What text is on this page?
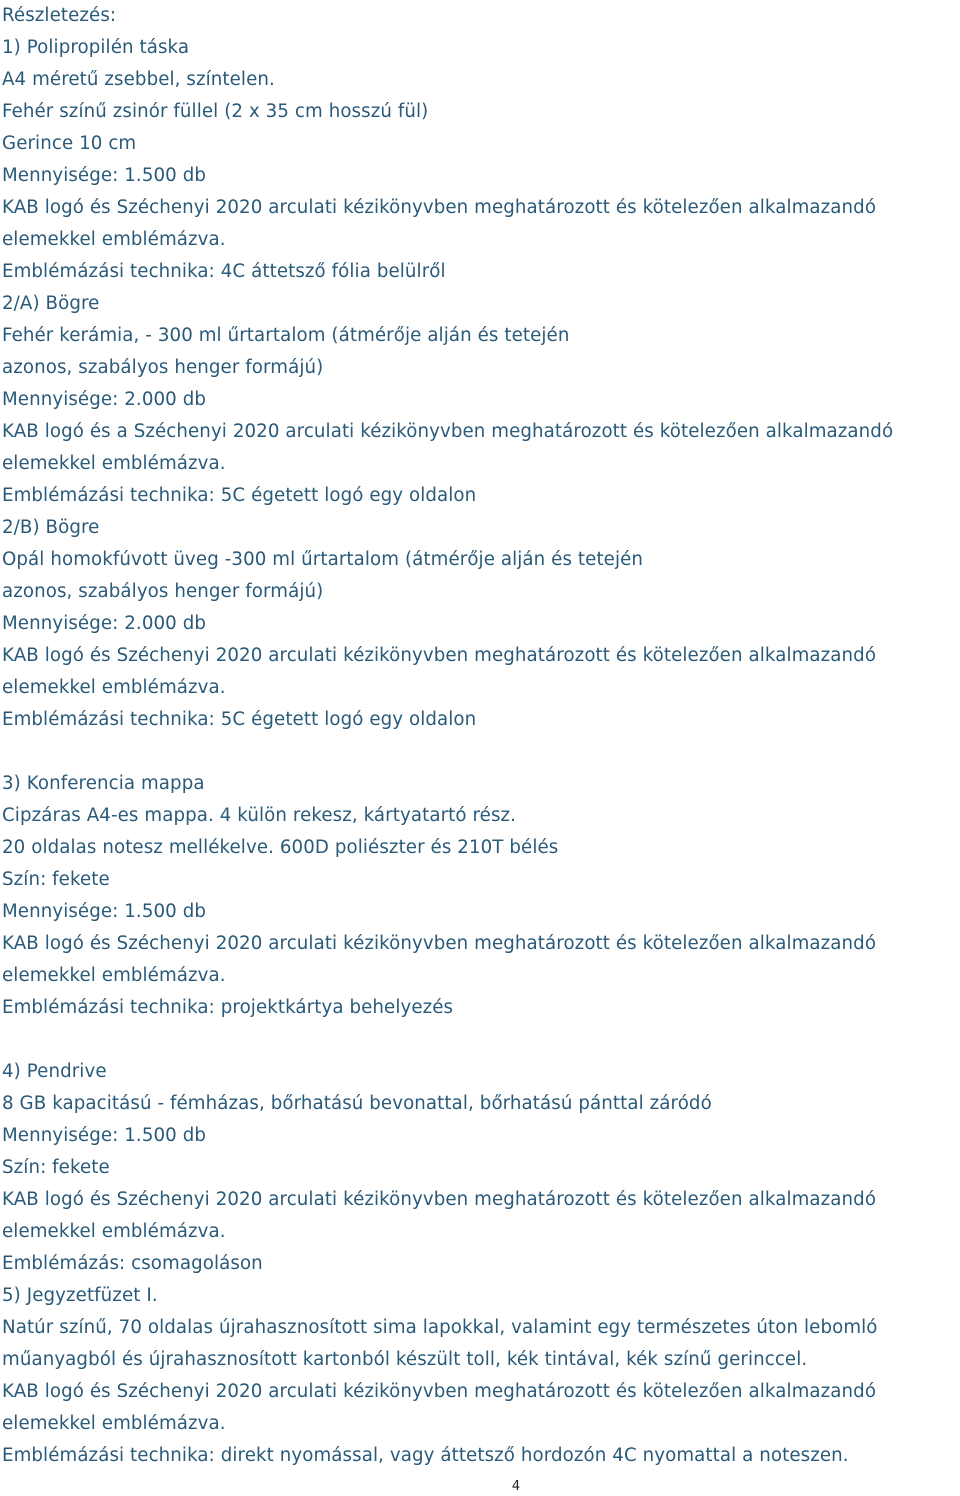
Részletezés:
1) Polipropilén táska
A4 méretű zsebbel, színtelen.
Fehér színű zsinór füllel (2 x 35 cm hosszú fül)
Gerince 10 cm
Mennyisége: 1.500 db
KAB logó és Széchenyi 2020 arculati kézikönyvben meghatározott és kötelezően alkalmazandó
elemekkel emblémázva.
Emblémázási technika: 4C áttetsző fólia belülről
2/A) Bögre
Fehér kerámia, - 300 ml űrtartalom (átmérője alján és tetején
azonos, szabályos henger formájú)
Mennyisége: 2.000 db
KAB logó és a Széchenyi 2020 arculati kézikönyvben meghatározott és kötelezően alkalmazandó
elemekkel emblémázva.
Emblémázási technika: 5C égetett logó egy oldalon
2/B) Bögre
Opál homokfúvott üveg -300 ml űrtartalom (átmérője alján és tetején
azonos, szabályos henger formájú)
Mennyisége: 2.000 db
KAB logó és Széchenyi 2020 arculati kézikönyvben meghatározott és kötelezően alkalmazandó
elemekkel emblémázva.
Emblémázási technika: 5C égetett logó egy oldalon
3) Konferencia mappa
Cipzáras A4-es mappa. 4 külön rekesz, kártyatartó rész.
20 oldalas notesz mellékelve. 600D poliészter és 210T bélés
Szín: fekete
Mennyisége: 1.500 db
KAB logó és Széchenyi 2020 arculati kézikönyvben meghatározott és kötelezően alkalmazandó
elemekkel emblémázva.
Emblémázási technika: projektkártya behelyezés
4) Pendrive
8 GB kapacitású - fémházas, bőrhatású bevonattal, bőrhatású pánttal záródó
Mennyisége: 1.500 db
Szín: fekete
KAB logó és Széchenyi 2020 arculati kézikönyvben meghatározott és kötelezően alkalmazandó
elemekkel emblémázva.
Emblémázás: csomagoláson
5) Jegyzetfüzet I.
Natúr színű, 70 oldalas újrahasznosított sima lapokkal, valamint egy természetes úton lebomló
műanyagból és újrahasznosított kartonból készült toll, kék tintával, kék színű gerinccel.
KAB logó és Széchenyi 2020 arculati kézikönyvben meghatározott és kötelezően alkalmazandó
elemekkel emblémázva.
Emblémázási technika: direkt nyomással, vagy áttetsző hordozón 4C nyomattal a noteszen.
4
